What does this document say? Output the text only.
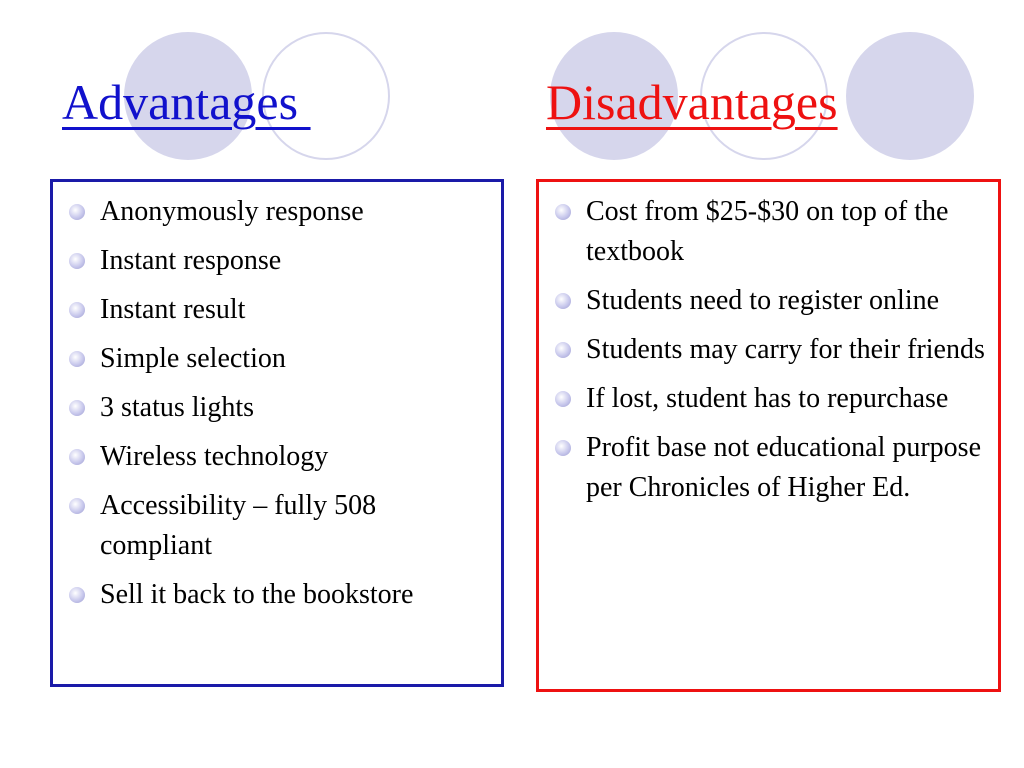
Advantages	Disadvantages
Anonymously response
Instant response
Instant result
Simple selection
3 status lights
Wireless technology
Accessibility – fully 508 compliant
Sell it back to the bookstore
Cost from $25-$30 on top of the textbook
Students need to register online
Students may carry for their friends
If lost, student has to repurchase
Profit base not educational purpose per Chronicles of Higher Ed.
